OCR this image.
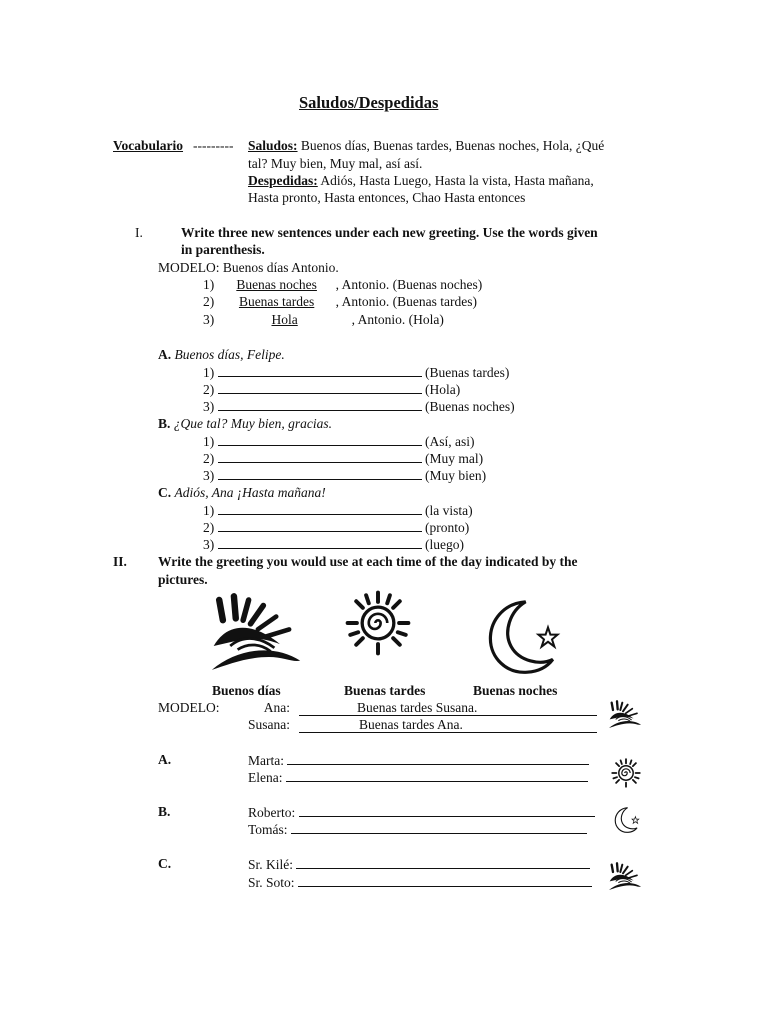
Saludos/Despedidas
Vocabulario --------- Saludos: Buenos días, Buenas tardes, Buenas noches, Hola, ¿Qué
tal? Muy bien, Muy mal, así así.
Despedidas: Adiós, Hasta Luego, Hasta la vista, Hasta mañana,
Hasta pronto, Hasta entonces, Chao Hasta entonces
I.	Write three new sentences under each new greeting. Use the words given
in parenthesis.
MODELO: Buenos días Antonio.
1) Buenas noches , Antonio. (Buenas noches)
2) Buenas tardes , Antonio. (Buenas tardes)
3)	Hola	, Antonio. (Hola)
A. Buenos días, Felipe.
1)	(Buenas tardes)
2)	(Hola)
3)	(Buenas noches)
B. ¿Que tal? Muy bien, gracias.
1)	(Así, asi)
2)	(Muy mal)
3)	(Muy bien)
C. Adiós, Ana ¡Hasta mañana!
1)	(la vista)
2)	(pronto)
3)	(luego)
II. Write the greeting you would use at each time of the day indicated by the
pictures.
Buenos días	Buenas tardes	Buenas noches
MODELO:	Ana:	Buenas tardes Susana.
Susana:	Buenas tardes Ana.
A.	Marta:
Elena:
B.	Roberto:
Tomás:
C.	Sr. Kilé:
Sr. Soto:
